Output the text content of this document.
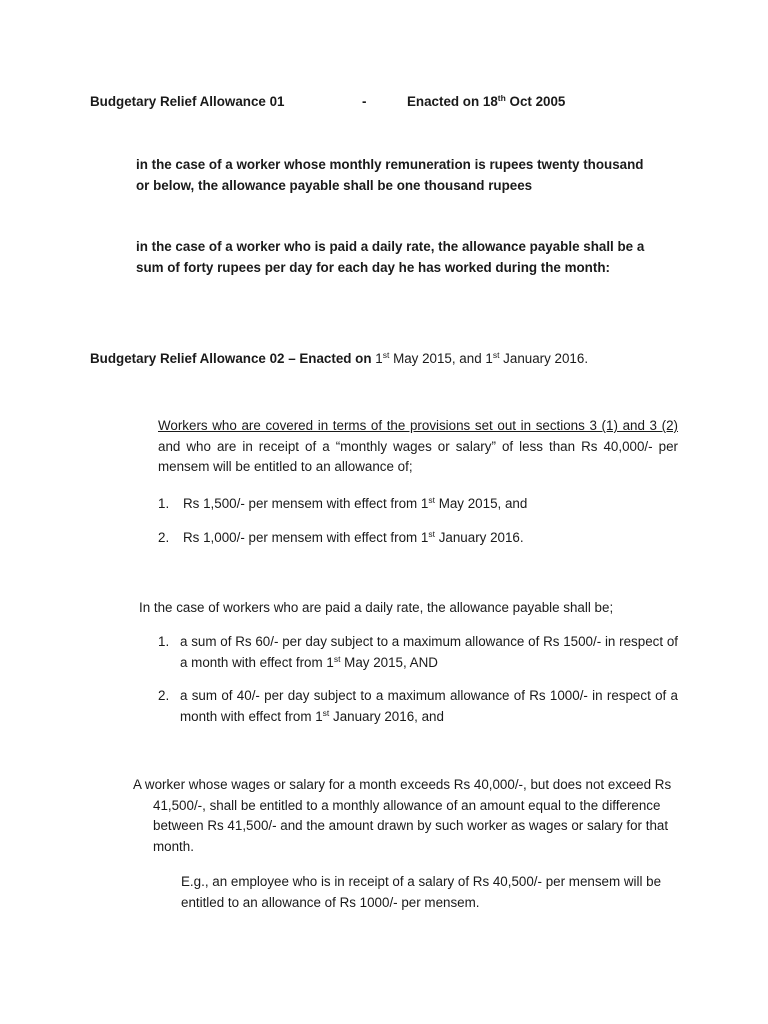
Budgetary Relief Allowance 01	-	Enacted on 18th Oct 2005

in the case of a worker whose monthly remuneration is rupees twenty thousand or below, the allowance payable shall be one thousand rupees

in the case of a worker who is paid a daily rate, the allowance payable shall be a sum of forty rupees per day for each day he has worked during the month:

Budgetary Relief Allowance 02 – Enacted on 1st May 2015, and 1st January 2016.

Workers who are covered in terms of the provisions set out in sections 3 (1) and 3 (2) and who are in receipt of a “monthly wages or salary” of less than Rs 40,000/- per mensem will be entitled to an allowance of;

1. Rs 1,500/- per mensem with effect from 1st May 2015, and
2. Rs 1,000/- per mensem with effect from 1st January 2016.

In the case of workers who are paid a daily rate, the allowance payable shall be;

1. a sum of Rs 60/- per day subject to a maximum allowance of Rs 1500/- in respect of a month with effect from 1st May 2015, AND
2. a sum of 40/- per day subject to a maximum allowance of Rs 1000/- in respect of a month with effect from 1st January 2016, and

A worker whose wages or salary for a month exceeds Rs 40,000/-, but does not exceed Rs 41,500/-, shall be entitled to a monthly allowance of an amount equal to the difference between Rs 41,500/- and the amount drawn by such worker as wages or salary for that month.

E.g., an employee who is in receipt of a salary of Rs 40,500/- per mensem will be entitled to an allowance of Rs 1000/- per mensem.
